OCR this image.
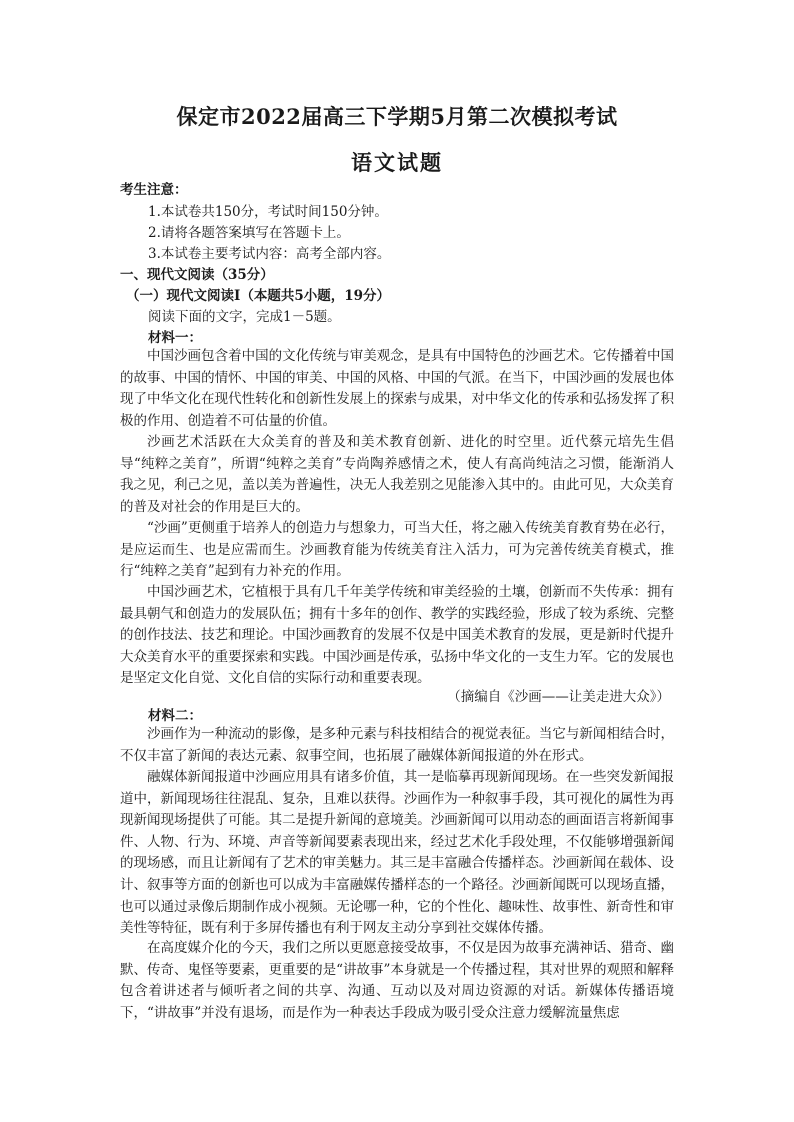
保定市2022届高三下学期5月第二次模拟考试
语文试题
考生注意：
1.本试卷共150分，考试时间150分钟。
2.请将各题答案填写在答题卡上。
3.本试卷主要考试内容：高考全部内容。
一、现代文阅读（35分）
（一）现代文阅读Ⅰ（本题共5小题，19分）
阅读下面的文字，完成1－5题。
材料一：

中国沙画包含着中国的文化传统与审美观念，是具有中国特色的沙画艺术。它传播着中国的故事、中国的情怀、中国的审美、中国的风格、中国的气派。在当下，中国沙画的发展也体现了中华文化在现代性转化和创新性发展上的探索与成果，对中华文化的传承和弘扬发挥了积极的作用、创造着不可估量的价值。

沙画艺术活跃在大众美育的普及和美术教育创新、进化的时空里。近代蔡元培先生倡导“纯粹之美育”，所谓“纯粹之美育”专尚陶养感情之术，使人有高尚纯洁之习惯，能渐消人我之见，利己之见，盖以美为普遍性，决无人我差别之见能渗入其中的。由此可见，大众美育的普及对社会的作用是巨大的。

“沙画”更侧重于培养人的创造力与想象力，可当大任，将之融入传统美育教育势在必行，是应运而生、也是应需而生。沙画教育能为传统美育注入活力，可为完善传统美育模式，推行“纯粹之美育”起到有力补充的作用。

中国沙画艺术，它植根于具有几千年美学传统和审美经验的土壤，创新而不失传承：拥有最具朝气和创造力的发展队伍；拥有十多年的创作、教学的实践经验，形成了较为系统、完整的创作技法、技艺和理论。中国沙画教育的发展不仅是中国美术教育的发展，更是新时代提升大众美育水平的重要探索和实践。中国沙画是传承，弘扬中华文化的一支生力军。它的发展也是坚定文化自觉、文化自信的实际行动和重要表现。

（摘编自《沙画——让美走进大众》）
材料二：

沙画作为一种流动的影像，是多种元素与科技相结合的视觉表征。当它与新闻相结合时，不仅丰富了新闻的表达元素、叙事空间，也拓展了融媒体新闻报道的外在形式。

融媒体新闻报道中沙画应用具有诸多价值，其一是临摹再现新闻现场。在一些突发新闻报道中，新闻现场往往混乱、复杂，且难以获得。沙画作为一种叙事手段，其可视化的属性为再现新闻现场提供了可能。其二是提升新闻的意境美。沙画新闻可以用动态的画面语言将新闻事件、人物、行为、环境、声音等新闻要素表现出来，经过艺术化手段处理，不仅能够增强新闻的现场感，而且让新闻有了艺术的审美魅力。其三是丰富融合传播样态。沙画新闻在载体、设计、叙事等方面的创新也可以成为丰富融媒传播样态的一个路径。沙画新闻既可以现场直播，也可以通过录像后期制作成小视频。无论哪一种，它的个性化、趣味性、故事性、新奇性和审美性等特征，既有利于多屏传播也有利于网友主动分享到社交媒体传播。

在高度媒介化的今天，我们之所以更愿意接受故事，不仅是因为故事充满神话、猎奇、幽默、传奇、鬼怪等要素，更重要的是“讲故事”本身就是一个传播过程，其对世界的观照和解释包含着讲述者与倾听者之间的共享、沟通、互动以及对周边资源的对话。新媒体传播语境下，“讲故事”并没有退场，而是作为一种表达手段成为吸引受众注意力缓解流量焦虑
